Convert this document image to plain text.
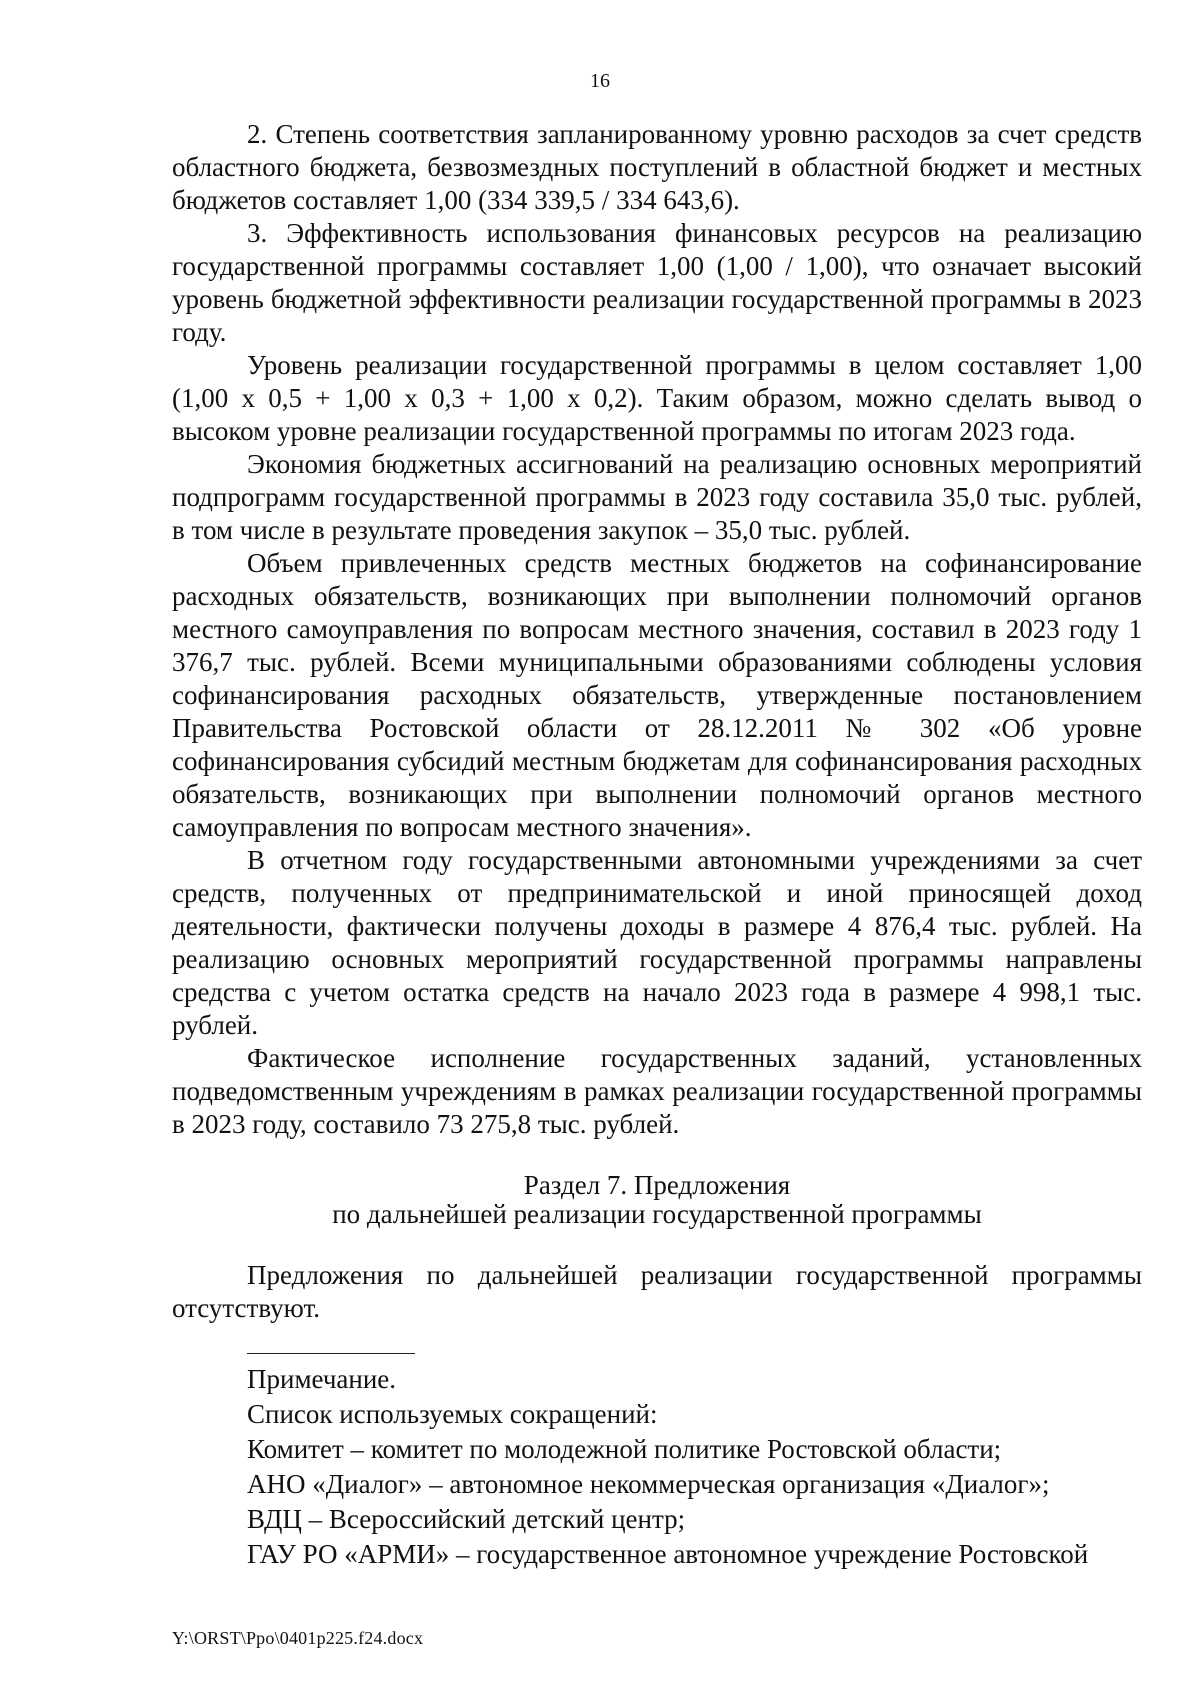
16

2. Степень соответствия запланированному уровню расходов за счет средств областного бюджета, безвозмездных поступлений в областной бюджет и местных бюджетов составляет 1,00 (334 339,5 / 334 643,6).

3. Эффективность использования финансовых ресурсов на реализацию государственной программы составляет 1,00 (1,00 / 1,00), что означает высокий уровень бюджетной эффективности реализации государственной программы в 2023 году.

Уровень реализации государственной программы в целом составляет 1,00 (1,00 х 0,5 + 1,00 х 0,3 + 1,00 х 0,2). Таким образом, можно сделать вывод о высоком уровне реализации государственной программы по итогам 2023 года.

Экономия бюджетных ассигнований на реализацию основных мероприятий подпрограмм государственной программы в 2023 году составила 35,0 тыс. рублей, в том числе в результате проведения закупок – 35,0 тыс. рублей.

Объем привлеченных средств местных бюджетов на софинансирование расходных обязательств, возникающих при выполнении полномочий органов местного самоуправления по вопросам местного значения, составил в 2023 году 1 376,7 тыс. рублей. Всеми муниципальными образованиями соблюдены условия софинансирования расходных обязательств, утвержденные постановлением Правительства Ростовской области от 28.12.2011 № 302 «Об уровне софинансирования субсидий местным бюджетам для софинансирования расходных обязательств, возникающих при выполнении полномочий органов местного самоуправления по вопросам местного значения».

В отчетном году государственными автономными учреждениями за счет средств, полученных от предпринимательской и иной приносящей доход деятельности, фактически получены доходы в размере 4 876,4 тыс. рублей. На реализацию основных мероприятий государственной программы направлены средства с учетом остатка средств на начало 2023 года в размере 4 998,1 тыс. рублей.

Фактическое исполнение государственных заданий, установленных подведомственным учреждениям в рамках реализации государственной программы в 2023 году, составило 73 275,8 тыс. рублей.

Раздел 7. Предложения
по дальнейшей реализации государственной программы

Предложения по дальнейшей реализации государственной программы отсутствуют.

Примечание.

Список используемых сокращений:

Комитет – комитет по молодежной политике Ростовской области;

АНО «Диалог» – автономное некоммерческая организация «Диалог»;

ВДЦ – Всероссийский детский центр;

ГАУ РО «АРМИ» – государственное автономное учреждение Ростовской

Y:\ORST\Ppo\0401p225.f24.docx
